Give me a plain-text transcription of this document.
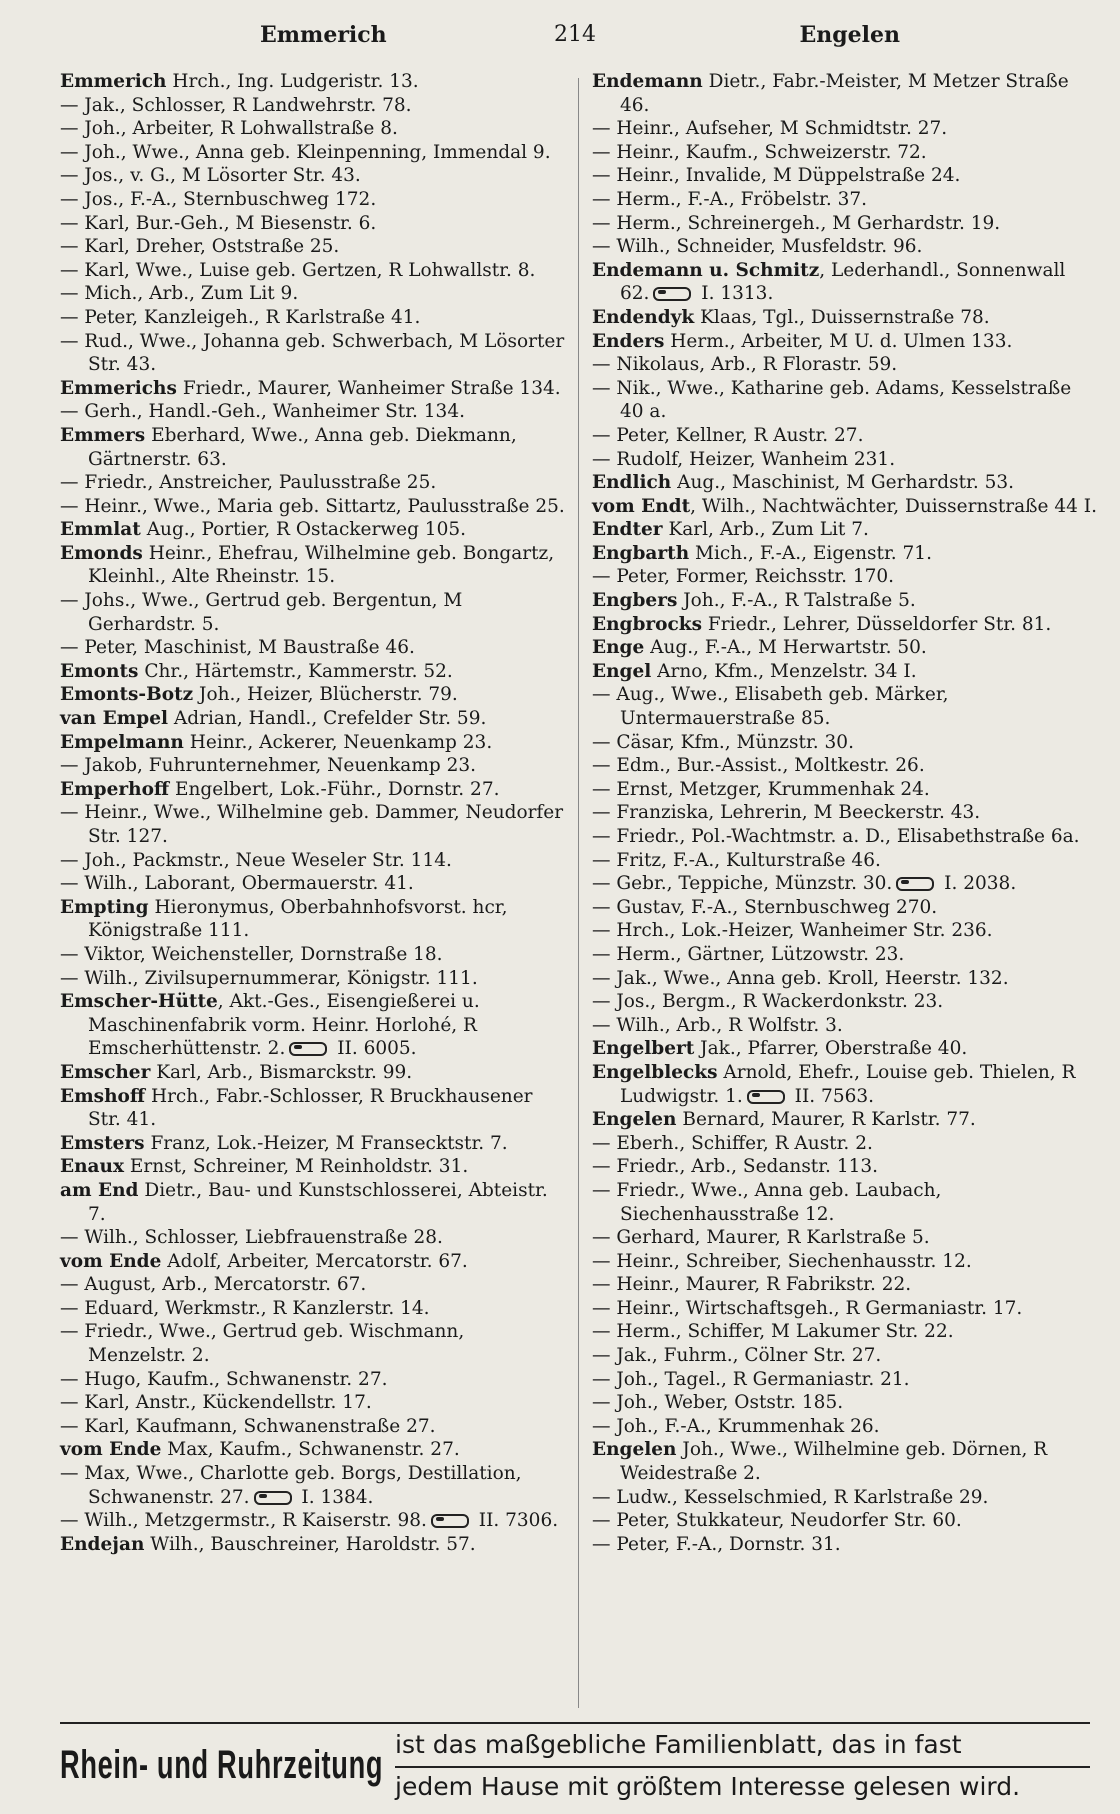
Emmerich	214	Engelen

Emmerich Hrch., Ing. Ludgeristr. 13.

— Jak., Schlosser, R Landwehrstr. 78.

— Joh., Arbeiter, R Lohwallstraße 8.

— Joh., Wwe., Anna geb. Kleinpenning, Immendal 9.

— Jos., v. G., M Lösorter Str. 43.

— Jos., F.-A., Sternbuschweg 172.

— Karl, Bur.-Geh., M Biesenstr. 6.

— Karl, Dreher, Oststraße 25.

— Karl, Wwe., Luise geb. Gertzen, R Lohwallstr. 8.

— Mich., Arb., Zum Lit 9.

— Peter, Kanzleigeh., R Karlstraße 41.

— Rud., Wwe., Johanna geb. Schwerbach, M Lösorter Str. 43.

Emmerichs Friedr., Maurer, Wanheimer Straße 134.

— Gerh., Handl.-Geh., Wanheimer Str. 134.

Emmers Eberhard, Wwe., Anna geb. Diekmann, Gärtnerstr. 63.

— Friedr., Anstreicher, Paulusstraße 25.

— Heinr., Wwe., Maria geb. Sittartz, Paulusstraße 25.

Emmlat Aug., Portier, R Ostackerweg 105.

Emonds Heinr., Ehefrau, Wilhelmine geb. Bongartz, Kleinhl., Alte Rheinstr. 15.

— Johs., Wwe., Gertrud geb. Bergentun, M Gerhardstr. 5.

— Peter, Maschinist, M Baustraße 46.

Emonts Chr., Härtemstr., Kammerstr. 52.

Emonts-Botz Joh., Heizer, Blücherstr. 79.

van Empel Adrian, Handl., Crefelder Str. 59.

Empelmann Heinr., Ackerer, Neuenkamp 23.

— Jakob, Fuhrunternehmer, Neuenkamp 23.

Emperhoff Engelbert, Lok.-Führ., Dornstr. 27.

— Heinr., Wwe., Wilhelmine geb. Dammer, Neudorfer Str. 127.

— Joh., Packmstr., Neue Weseler Str. 114.

— Wilh., Laborant, Obermauerstr. 41.

Empting Hieronymus, Oberbahnhofsvorst. hcr, Königstraße 111.

— Viktor, Weichensteller, Dornstraße 18.

— Wilh., Zivilsupernummerar, Königstr. 111.

Emscher-Hütte, Akt.-Ges., Eisengießerei u. Maschinenfabrik vorm. Heinr. Horlohé, R Emscherhüttenstr. 2. II. 6005.

Emscher Karl, Arb., Bismarckstr. 99.

Emshoff Hrch., Fabr.-Schlosser, R Bruckhausener Str. 41.

Emsters Franz, Lok.-Heizer, M Fransecktstr. 7.

Enaux Ernst, Schreiner, M Reinholdstr. 31.

am End Dietr., Bau- und Kunstschlosserei, Abteistr. 7.

— Wilh., Schlosser, Liebfrauenstraße 28.

vom Ende Adolf, Arbeiter, Mercatorstr. 67.

— August, Arb., Mercatorstr. 67.

— Eduard, Werkmstr., R Kanzlerstr. 14.

— Friedr., Wwe., Gertrud geb. Wischmann, Menzelstr. 2.

— Hugo, Kaufm., Schwanenstr. 27.

— Karl, Anstr., Kückendellstr. 17.

— Karl, Kaufmann, Schwanenstraße 27.

vom Ende Max, Kaufm., Schwanenstr. 27.

— Max, Wwe., Charlotte geb. Borgs, Destillation, Schwanenstr. 27. I. 1384.

— Wilh., Metzgermstr., R Kaiserstr. 98. II. 7306.

Endejan Wilh., Bauschreiner, Haroldstr. 57.

Endemann Dietr., Fabr.-Meister, M Metzer Straße 46.

— Heinr., Aufseher, M Schmidtstr. 27.

— Heinr., Kaufm., Schweizerstr. 72.

— Heinr., Invalide, M Düppelstraße 24.

— Herm., F.-A., Fröbelstr. 37.

— Herm., Schreinergeh., M Gerhardstr. 19.

— Wilh., Schneider, Musfeldstr. 96.

Endemann u. Schmitz, Lederhandl., Sonnenwall 62. I. 1313.

Endendyk Klaas, Tgl., Duissernstraße 78.

Enders Herm., Arbeiter, M U. d. Ulmen 133.

— Nikolaus, Arb., R Florastr. 59.

— Nik., Wwe., Katharine geb. Adams, Kesselstraße 40 a.

— Peter, Kellner, R Austr. 27.

— Rudolf, Heizer, Wanheim 231.

Endlich Aug., Maschinist, M Gerhardstr. 53.

vom Endt, Wilh., Nachtwächter, Duissernstraße 44 I.

Endter Karl, Arb., Zum Lit 7.

Engbarth Mich., F.-A., Eigenstr. 71.

— Peter, Former, Reichsstr. 170.

Engbers Joh., F.-A., R Talstraße 5.

Engbrocks Friedr., Lehrer, Düsseldorfer Str. 81.

Enge Aug., F.-A., M Herwartstr. 50.

Engel Arno, Kfm., Menzelstr. 34 I.

— Aug., Wwe., Elisabeth geb. Märker, Untermauerstraße 85.

— Cäsar, Kfm., Münzstr. 30.

— Edm., Bur.-Assist., Moltkestr. 26.

— Ernst, Metzger, Krummenhak 24.

— Franziska, Lehrerin, M Beeckerstr. 43.

— Friedr., Pol.-Wachtmstr. a. D., Elisabethstraße 6a.

— Fritz, F.-A., Kulturstraße 46.

— Gebr., Teppiche, Münzstr. 30. I. 2038.

— Gustav, F.-A., Sternbuschweg 270.

— Hrch., Lok.-Heizer, Wanheimer Str. 236.

— Herm., Gärtner, Lützowstr. 23.

— Jak., Wwe., Anna geb. Kroll, Heerstr. 132.

— Jos., Bergm., R Wackerdonkstr. 23.

— Wilh., Arb., R Wolfstr. 3.

Engelbert Jak., Pfarrer, Oberstraße 40.

Engelblecks Arnold, Ehefr., Louise geb. Thielen, R Ludwigstr. 1. II. 7563.

Engelen Bernard, Maurer, R Karlstr. 77.

— Eberh., Schiffer, R Austr. 2.

— Friedr., Arb., Sedanstr. 113.

— Friedr., Wwe., Anna geb. Laubach, Siechenhausstraße 12.

— Gerhard, Maurer, R Karlstraße 5.

— Heinr., Schreiber, Siechenhausstr. 12.

— Heinr., Maurer, R Fabrikstr. 22.

— Heinr., Wirtschaftsgeh., R Germaniastr. 17.

— Herm., Schiffer, M Lakumer Str. 22.

— Jak., Fuhrm., Cölner Str. 27.

— Joh., Tagel., R Germaniastr. 21.

— Joh., Weber, Oststr. 185.

— Joh., F.-A., Krummenhak 26.

Engelen Joh., Wwe., Wilhelmine geb. Dörnen, R Weidestraße 2.

— Ludw., Kesselschmied, R Karlstraße 29.

— Peter, Stukkateur, Neudorfer Str. 60.

— Peter, F.-A., Dornstr. 31.

Rhein- und Ruhrzeitung ist das maßgebliche Familienblatt, das in fast
jedem Hause mit größtem Interesse gelesen wird.
